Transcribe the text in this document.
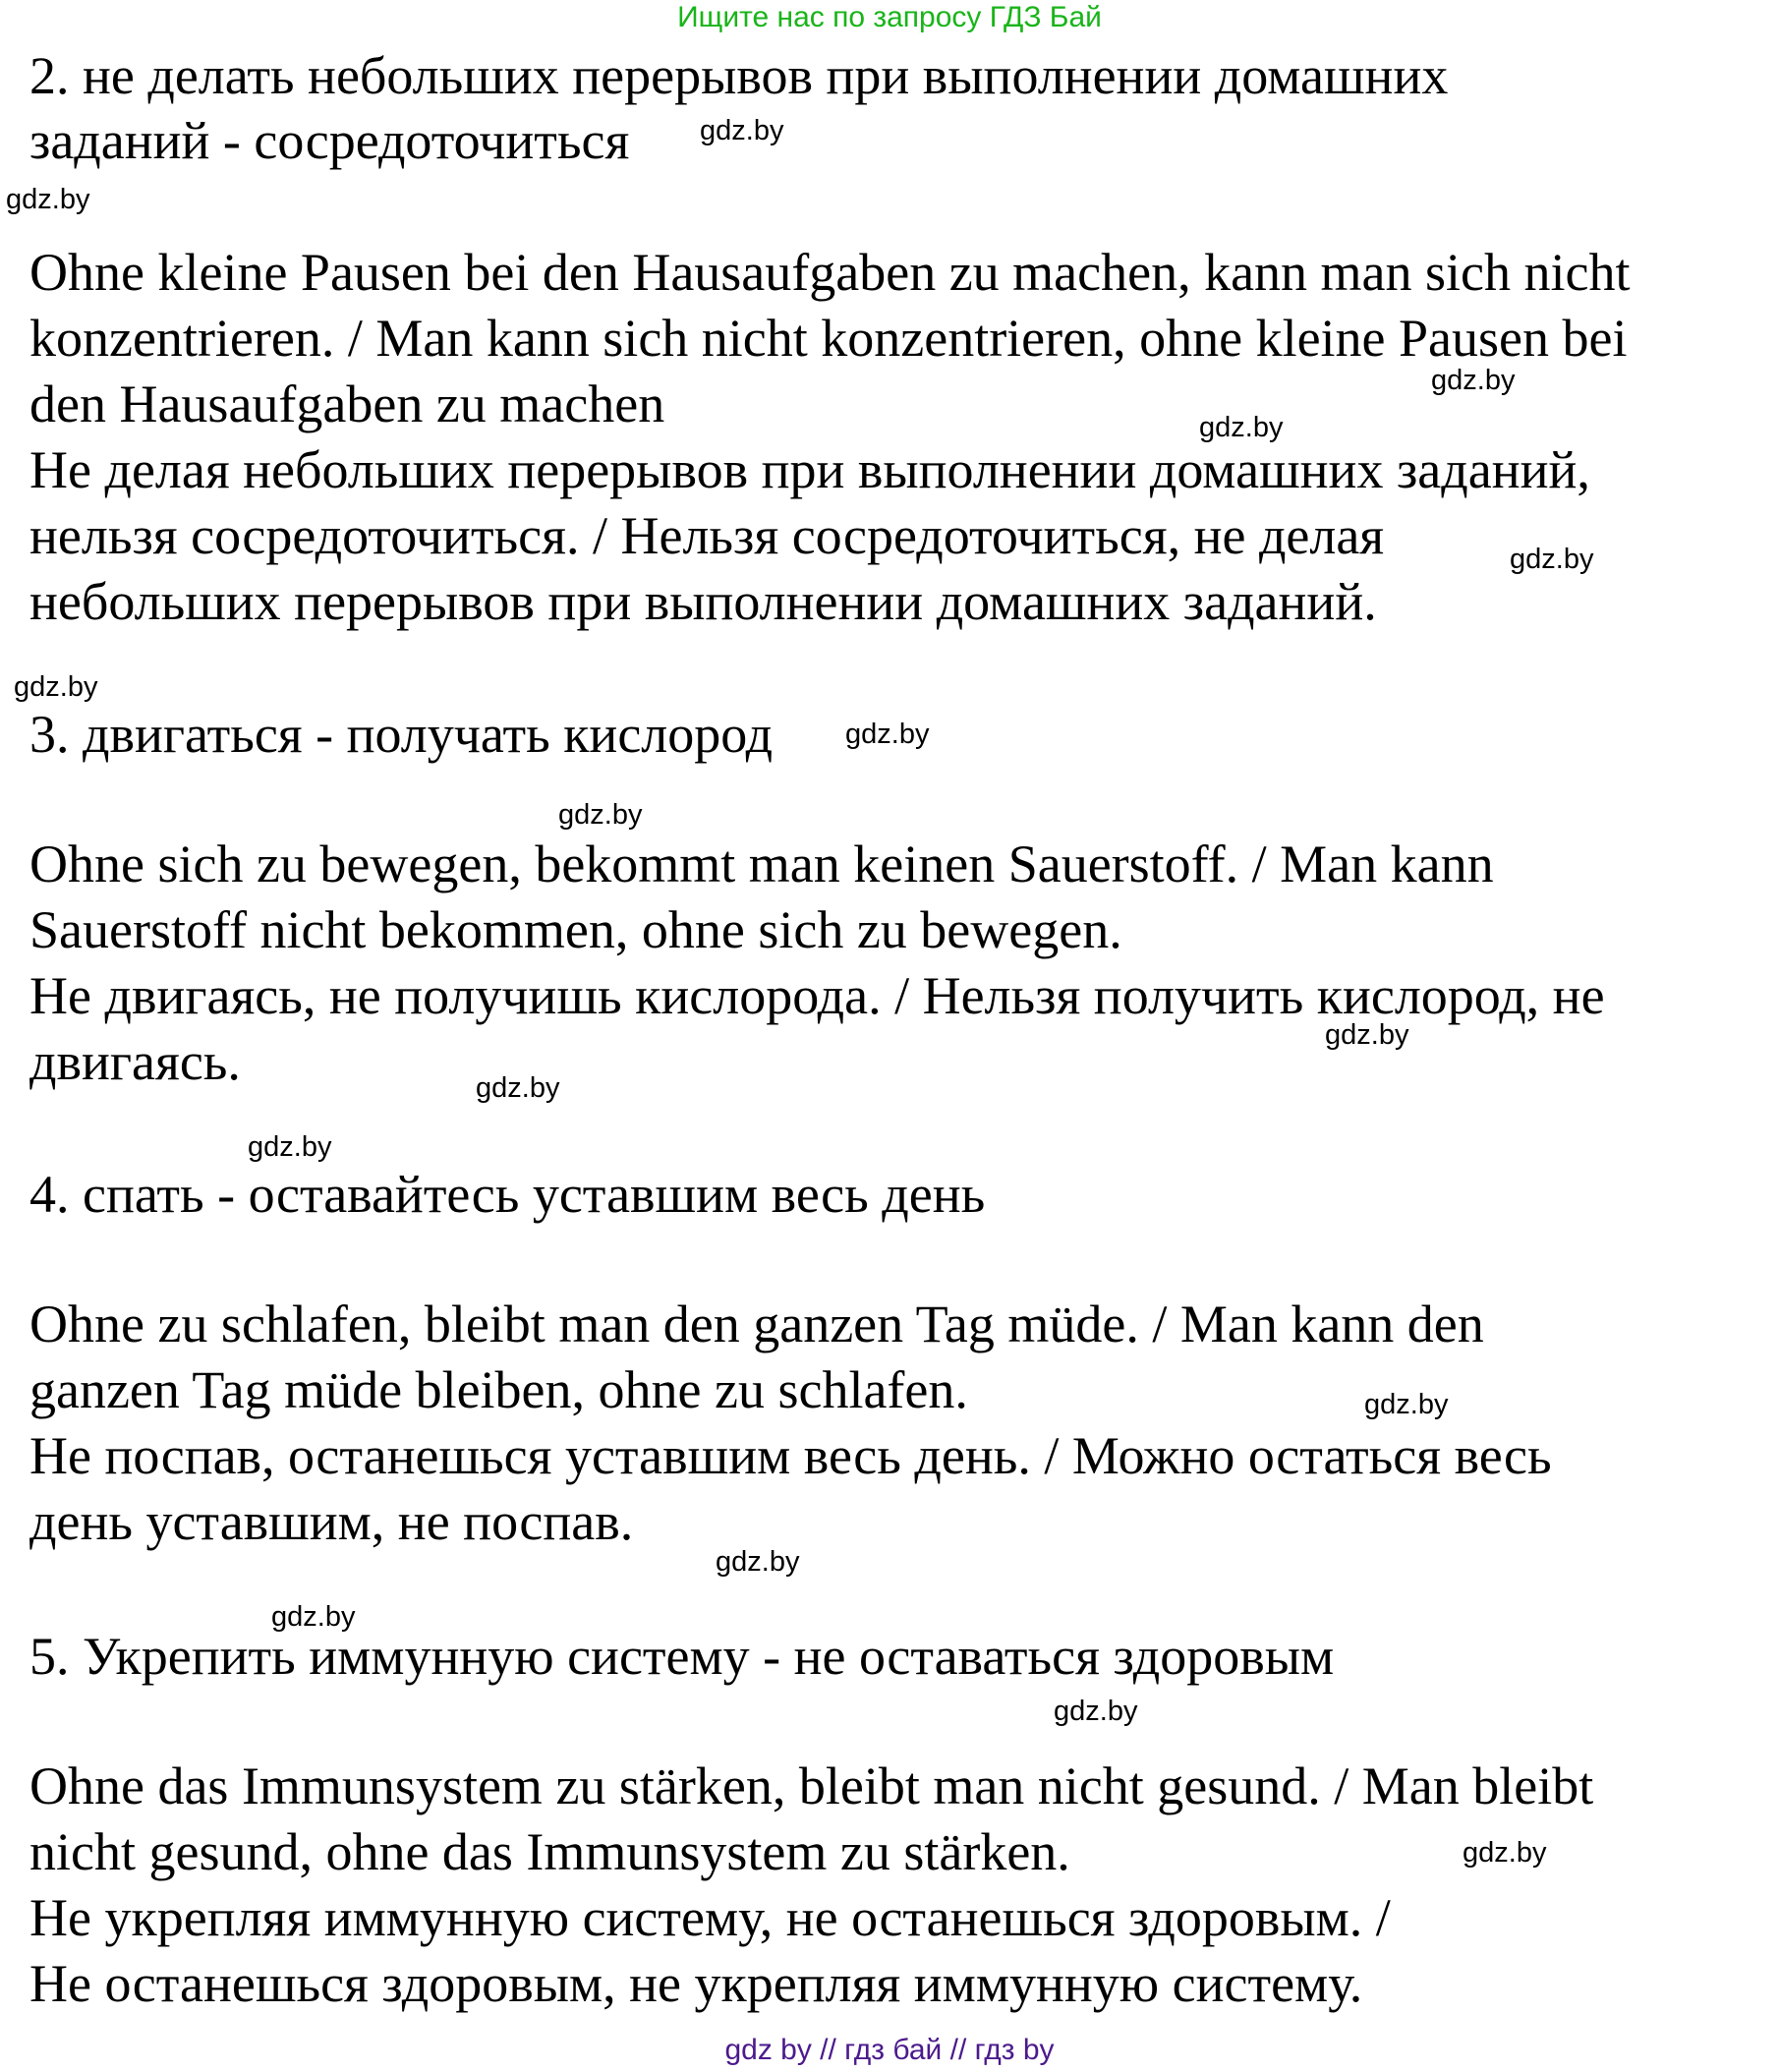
Ищите нас по запросу ГДЗ Бай
2. не делать небольших перерывов при выполнении домашних
заданий - сосредоточиться
Ohne kleine Pausen bei den Hausaufgaben zu machen, kann man sich nicht
konzentrieren. / Man kann sich nicht konzentrieren, ohne kleine Pausen bei
den Hausaufgaben zu machen
Не делая небольших перерывов при выполнении домашних заданий,
нельзя сосредоточиться. / Нельзя сосредоточиться, не делая
небольших перерывов при выполнении домашних заданий.
3. двигаться - получать кислород
Ohne sich zu bewegen, bekommt man keinen Sauerstoff. / Man kann
Sauerstoff nicht bekommen, ohne sich zu bewegen.
Не двигаясь, не получишь кислорода. / Нельзя получить кислород, не
двигаясь.
4. спать - оставайтесь уставшим весь день
Ohne zu schlafen, bleibt man den ganzen Tag müde. / Man kann den
ganzen Tag müde bleiben, ohne zu schlafen.
Не поспав, останешься уставшим весь день. / Можно остаться весь
день уставшим, не поспав.
5. Укрепить иммунную систему - не оставаться здоровым
Ohne das Immunsystem zu stärken, bleibt man nicht gesund. / Man bleibt
nicht gesund, ohne das Immunsystem zu stärken.
Не укрепляя иммунную систему, не останешься здоровым. /
Не останешься здоровым, не укрепляя иммунную систему.
gdz.by
gdz.by
gdz.by
gdz.by
gdz.by
gdz.by
gdz.by
gdz.by
gdz.by
gdz.by
gdz.by
gdz.by
gdz.by
gdz.by
gdz.by
gdz.by
gdz by // гдз бай // гдз by
